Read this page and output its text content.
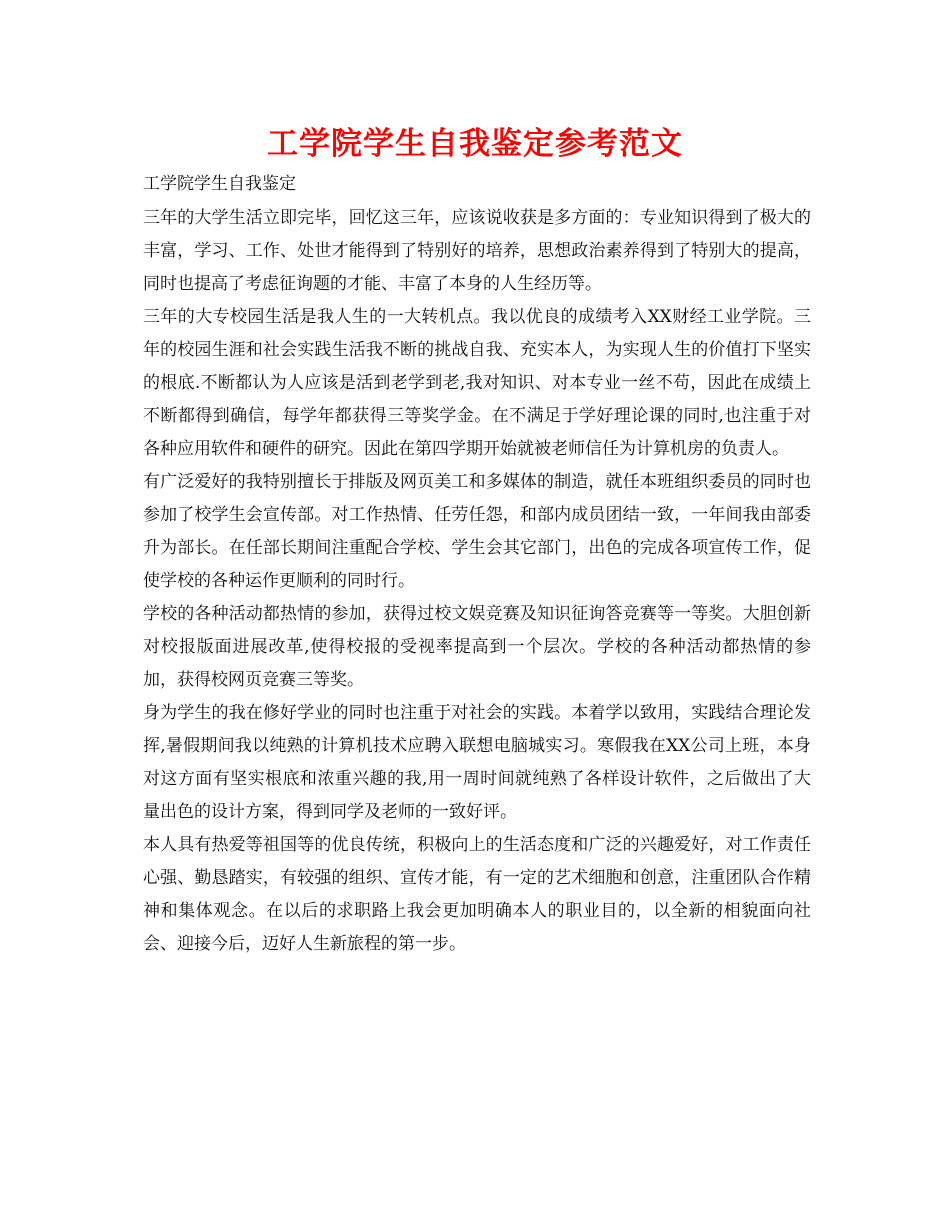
工学院学生自我鉴定参考范文

工学院学生自我鉴定

三年的大学生活立即完毕，回忆这三年，应该说收获是多方面的：专业知识得到了极大的丰富，学习、工作、处世才能得到了特别好的培养，思想政治素养得到了特别大的提高，同时也提高了考虑征询题的才能、丰富了本身的人生经历等。

三年的大专校园生活是我人生的一大转机点。我以优良的成绩考入XX财经工业学院。三年的校园生涯和社会实践生活我不断的挑战自我、充实本人，为实现人生的价值打下坚实的根底.不断都认为人应该是活到老学到老,我对知识、对本专业一丝不苟，因此在成绩上不断都得到确信，每学年都获得三等奖学金。在不满足于学好理论课的同时,也注重于对各种应用软件和硬件的研究。因此在第四学期开始就被老师信任为计算机房的负责人。

有广泛爱好的我特别擅长于排版及网页美工和多媒体的制造，就任本班组织委员的同时也参加了校学生会宣传部。对工作热情、任劳任怨，和部内成员团结一致，一年间我由部委升为部长。在任部长期间注重配合学校、学生会其它部门，出色的完成各项宣传工作，促使学校的各种运作更顺利的同时行。

学校的各种活动都热情的参加，获得过校文娱竞赛及知识征询答竞赛等一等奖。大胆创新对校报版面进展改革,使得校报的受视率提高到一个层次。学校的各种活动都热情的参加，获得校网页竞赛三等奖。

身为学生的我在修好学业的同时也注重于对社会的实践。本着学以致用，实践结合理论发挥,暑假期间我以纯熟的计算机技术应聘入联想电脑城实习。寒假我在XX公司上班，本身对这方面有坚实根底和浓重兴趣的我,用一周时间就纯熟了各样设计软件，之后做出了大量出色的设计方案，得到同学及老师的一致好评。

本人具有热爱等祖国等的优良传统，积极向上的生活态度和广泛的兴趣爱好，对工作责任心强、勤恳踏实，有较强的组织、宣传才能，有一定的艺术细胞和创意，注重团队合作精神和集体观念。在以后的求职路上我会更加明确本人的职业目的，以全新的相貌面向社会、迎接今后，迈好人生新旅程的第一步。
